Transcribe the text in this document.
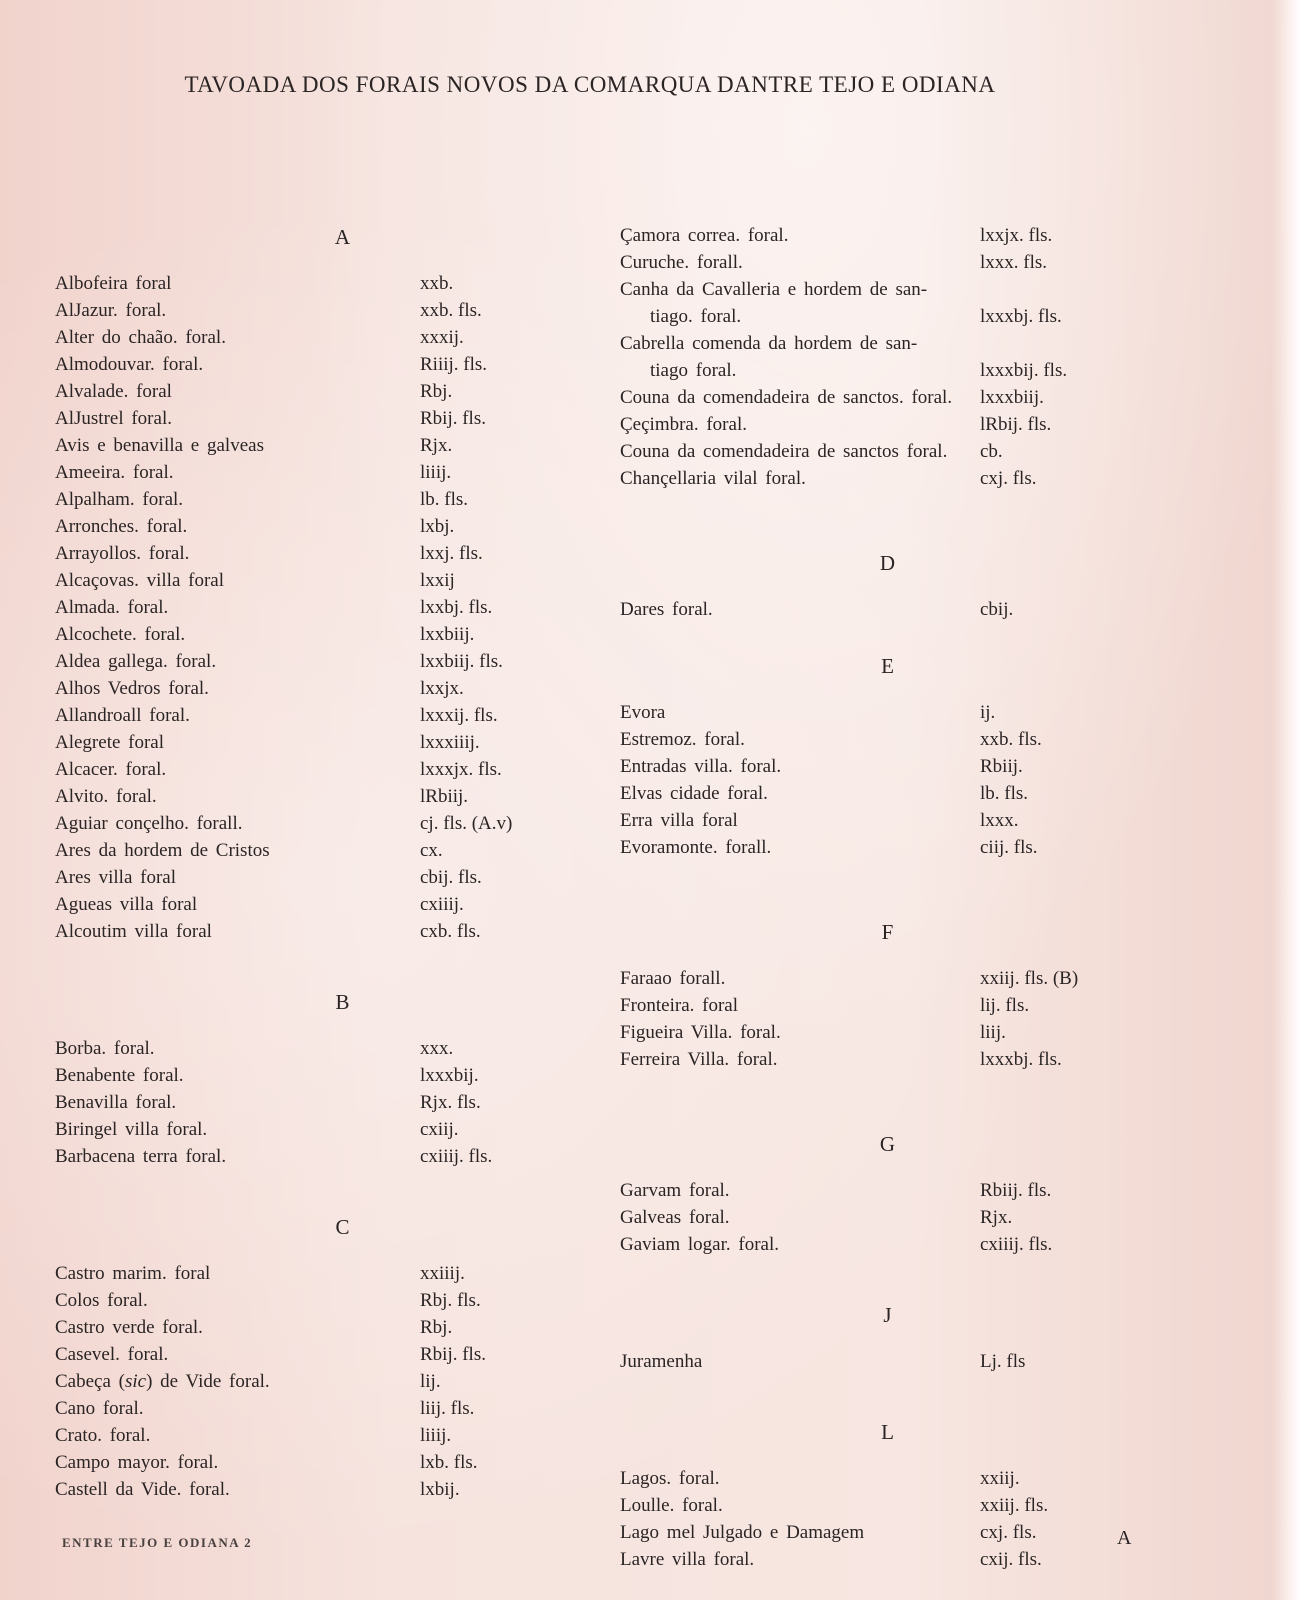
TAVOADA DOS FORAIS NOVOS DA COMARQUA DANTRE TEJO E ODIANA
A
Albofeira foral	xxb.
AlJazur. foral.	xxb. fls.
Alter do chaão. foral.	xxxij.
Almodouvar. foral.	Riiij. fls.
Alvalade. foral	Rbj.
AlJustrel foral.	Rbij. fls.
Avis e benavilla e galveas	Rjx.
Ameeira. foral.	liiij.
Alpalham. foral.	lb. fls.
Arronches. foral.	lxbj.
Arrayollos. foral.	lxxj. fls.
Alcaçovas. villa foral	lxxij
Almada. foral.	lxxbj. fls.
Alcochete. foral.	lxxbiij.
Aldea gallega. foral.	lxxbiij. fls.
Alhos Vedros foral.	lxxjx.
Allandroall foral.	lxxxij. fls.
Alegrete foral	lxxxiiij.
Alcacer. foral.	lxxxjx. fls.
Alvito. foral.	lRbiij.
Aguiar conçelho. forall.	cj. fls. (A.v)
Ares da hordem de Cristos	cx.
Ares villa foral	cbij. fls.
Agueas villa foral	cxiiij.
Alcoutim villa foral	cxb. fls.
B
Borba. foral.	xxx.
Benabente foral.	lxxxbij.
Benavilla foral.	Rjx. fls.
Biringel villa foral.	cxiij.
Barbacena terra foral.	cxiiij. fls.
C
Castro marim. foral	xxiiij.
Colos foral.	Rbj. fls.
Castro verde foral.	Rbj.
Casevel. foral.	Rbij. fls.
Cabeça (sic) de Vide foral.	lij.
Cano foral.	liij. fls.
Crato. foral.	liiij.
Campo mayor. foral.	lxb. fls.
Castell da Vide. foral.	lxbij.
Çamora correa. foral.	lxxjx. fls.
Curuche. forall.	lxxx. fls.
Canha da Cavalleria e hordem de san-
tiago. foral.	lxxxbj. fls.
Cabrella comenda da hordem de san-
tiago foral.	lxxxbij. fls.
Couna da comendadeira de sanctos. foral.	lxxxbiij.
Çeçimbra. foral.	lRbij. fls.
Couna da comendadeira de sanctos foral.	cb.
Chançellaria vilal foral.	cxj. fls.
D
Dares foral.	cbij.
E
Evora	ij.
Estremoz. foral.	xxb. fls.
Entradas villa. foral.	Rbiij.
Elvas cidade foral.	lb. fls.
Erra villa foral	lxxx.
Evoramonte. forall.	ciij. fls.
F
Faraao forall.	xxiij. fls. (B)
Fronteira. foral	lij. fls.
Figueira Villa. foral.	liij.
Ferreira Villa. foral.	lxxxbj. fls.
G
Garvam foral.	Rbiij. fls.
Galveas foral.	Rjx.
Gaviam logar. foral.	cxiiij. fls.
J
Juramenha	Lj. fls
L
Lagos. foral.	xxiij.
Loulle. foral.	xxiij. fls.
Lago mel Julgado e Damagem	cxj. fls.
Lavre villa foral.	cxij. fls.
ENTRE TEJO E ODIANA 2	A
